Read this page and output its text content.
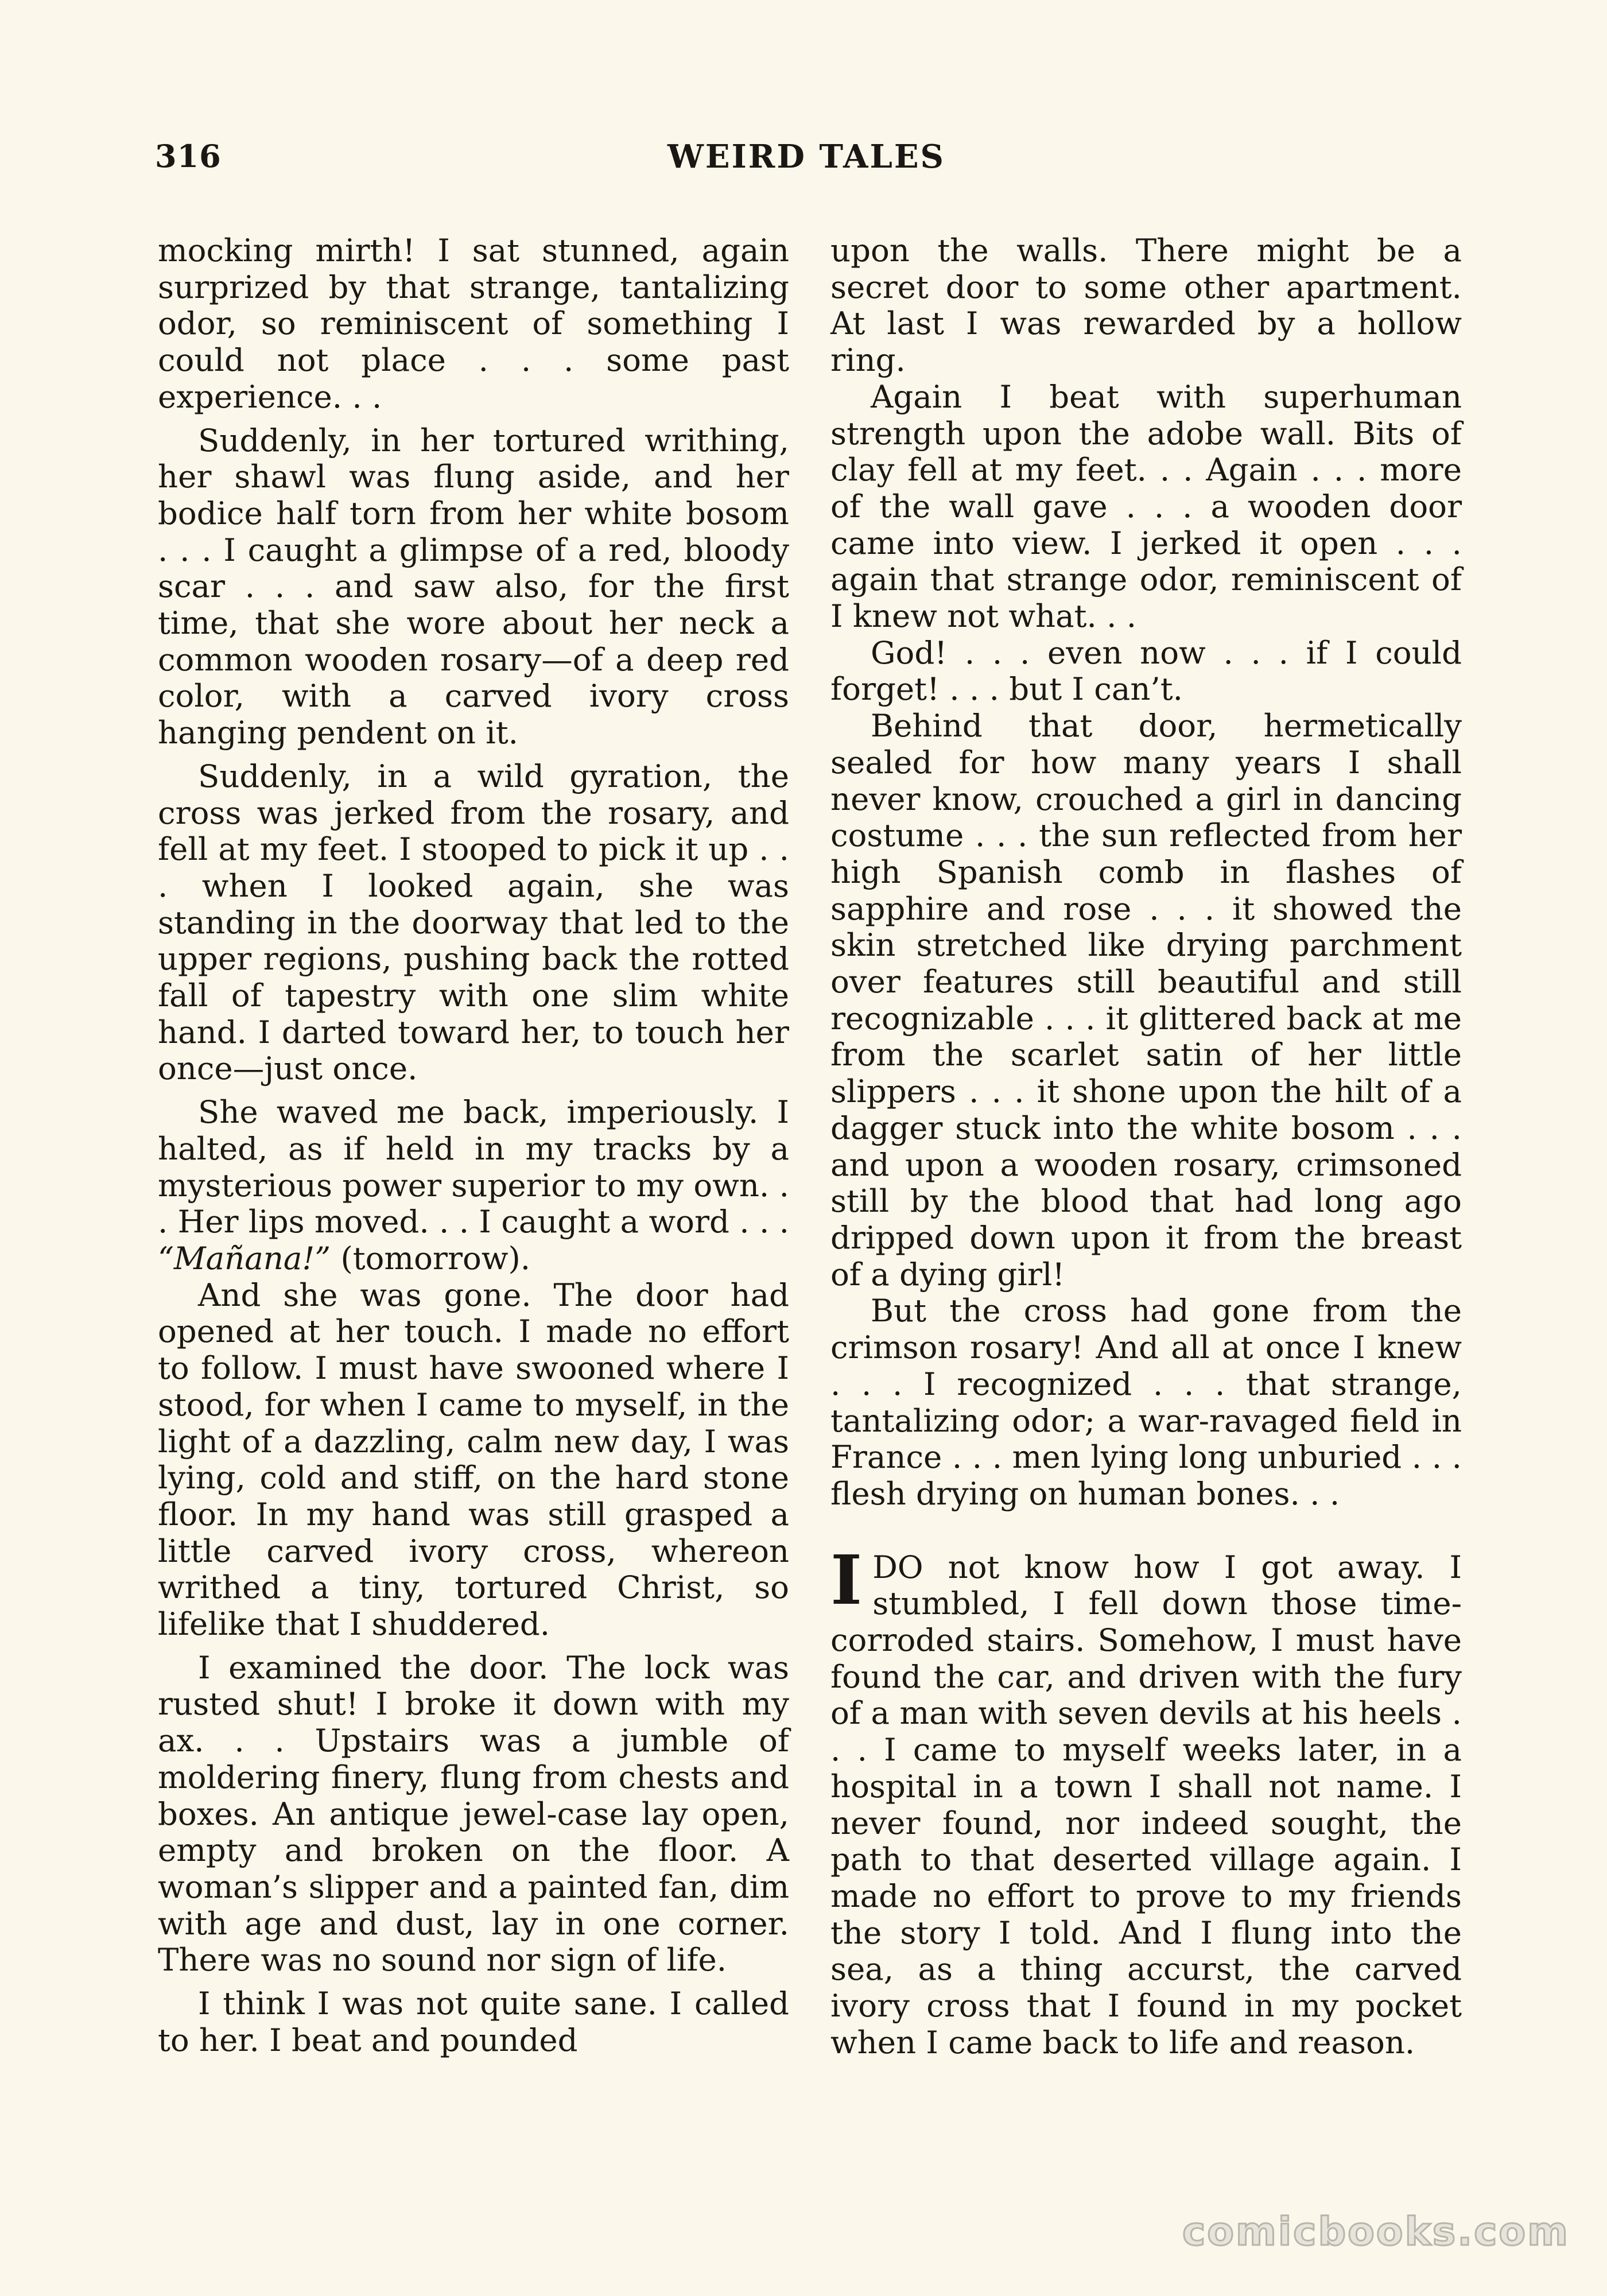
316	WEIRD TALES

mocking mirth! I sat stunned, again surprized by that strange, tantalizing odor, so reminiscent of something I could not place . . . some past experience. . .

Suddenly, in her tortured writhing, her shawl was flung aside, and her bodice half torn from her white bosom . . . I caught a glimpse of a red, bloody scar . . . and saw also, for the first time, that she wore about her neck a common wooden rosary—of a deep red color, with a carved ivory cross hanging pendent on it.

Suddenly, in a wild gyration, the cross was jerked from the rosary, and fell at my feet. I stooped to pick it up . . . when I looked again, she was standing in the doorway that led to the upper regions, pushing back the rotted fall of tapestry with one slim white hand. I darted toward her, to touch her once—just once.

She waved me back, imperiously. I halted, as if held in my tracks by a mysterious power superior to my own. . . Her lips moved. . . I caught a word . . . “Mañana!” (tomorrow).

And she was gone. The door had opened at her touch. I made no effort to follow. I must have swooned where I stood, for when I came to myself, in the light of a dazzling, calm new day, I was lying, cold and stiff, on the hard stone floor. In my hand was still grasped a little carved ivory cross, whereon writhed a tiny, tortured Christ, so lifelike that I shuddered.

I examined the door. The lock was rusted shut! I broke it down with my ax. . . Upstairs was a jumble of moldering finery, flung from chests and boxes. An antique jewel-case lay open, empty and broken on the floor. A woman’s slipper and a painted fan, dim with age and dust, lay in one corner. There was no sound nor sign of life.

I think I was not quite sane. I called to her. I beat and pounded

upon the walls. There might be a secret door to some other apartment. At last I was rewarded by a hollow ring.

Again I beat with superhuman strength upon the adobe wall. Bits of clay fell at my feet. . . Again . . . more of the wall gave . . . a wooden door came into view. I jerked it open . . . again that strange odor, reminiscent of I knew not what. . .

God! . . . even now . . . if I could forget! . . . but I can’t.

Behind that door, hermetically sealed for how many years I shall never know, crouched a girl in dancing costume . . . the sun reflected from her high Spanish comb in flashes of sapphire and rose . . . it showed the skin stretched like drying parchment over features still beautiful and still recognizable . . . it glittered back at me from the scarlet satin of her little slippers . . . it shone upon the hilt of a dagger stuck into the white bosom . . . and upon a wooden rosary, crimsoned still by the blood that had long ago dripped down upon it from the breast of a dying girl!

But the cross had gone from the crimson rosary! And all at once I knew . . . I recognized . . . that strange, tantalizing odor; a war-ravaged field in France . . . men lying long unburied . . . flesh drying on human bones. . .

IDO not know how I got away. I stumbled, I fell down those time-corroded stairs. Somehow, I must have found the car, and driven with the fury of a man with seven devils at his heels . . . I came to myself weeks later, in a hospital in a town I shall not name. I never found, nor indeed sought, the path to that deserted village again. I made no effort to prove to my friends the story I told. And I flung into the sea, as a thing accurst, the carved ivory cross that I found in my pocket when I came back to life and reason.

comicbooks.com
